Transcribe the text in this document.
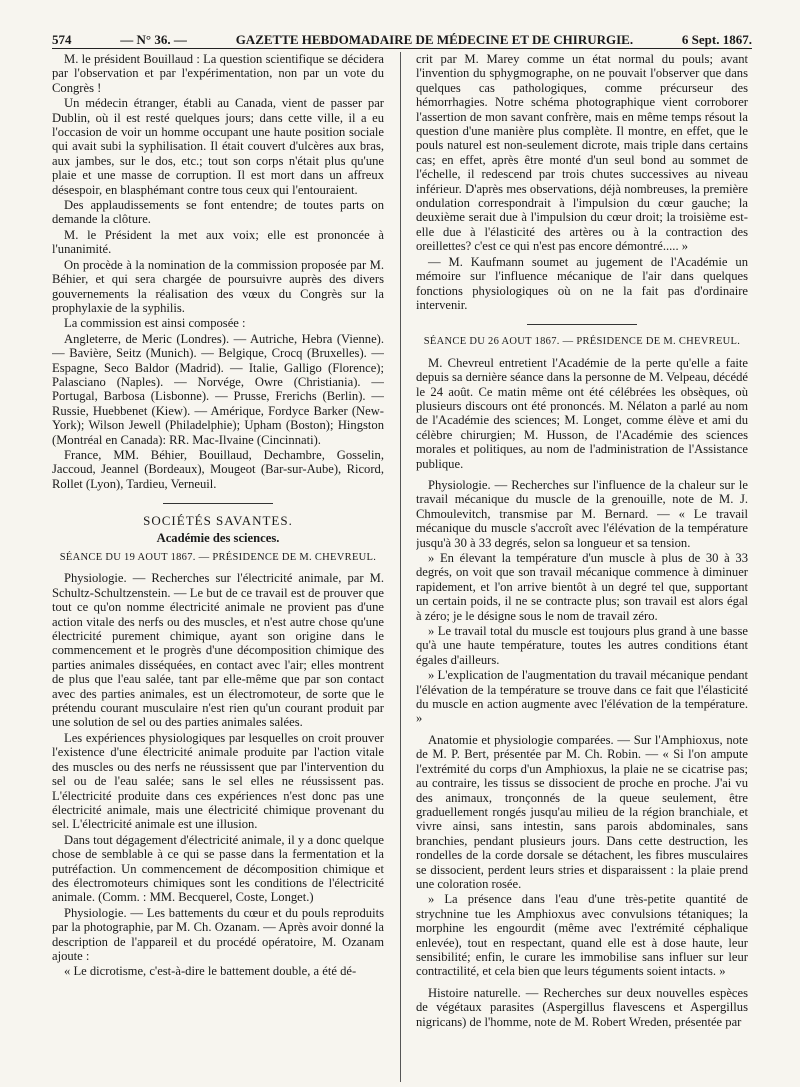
574	— N° 36. —	GAZETTE HEBDOMADAIRE DE MÉDECINE ET DE CHIRURGIE.	6 Sept. 1867.

M. le président Bouillaud : La question scientifique se décidera par l'observation et par l'expérimentation, non par un vote du Congrès !

Un médecin étranger, établi au Canada, vient de passer par Dublin, où il est resté quelques jours; dans cette ville, il a eu l'occasion de voir un homme occupant une haute position sociale qui avait subi la syphilisation. Il était couvert d'ulcères aux bras, aux jambes, sur le dos, etc.; tout son corps n'était plus qu'une plaie et une masse de corruption. Il est mort dans un affreux désespoir, en blasphémant contre tous ceux qui l'entouraient.

Des applaudissements se font entendre; de toutes parts on demande la clôture.

M. le Président la met aux voix; elle est prononcée à l'unanimité.

On procède à la nomination de la commission proposée par M. Béhier, et qui sera chargée de poursuivre auprès des divers gouvernements la réalisation des vœux du Congrès sur la prophylaxie de la syphilis.

La commission est ainsi composée :

Angleterre, de Meric (Londres). — Autriche, Hebra (Vienne). — Bavière, Seitz (Munich). — Belgique, Crocq (Bruxelles). — Espagne, Seco Baldor (Madrid). — Italie, Galligo (Florence); Palasciano (Naples). — Norvége, Owre (Christiania). — Portugal, Barbosa (Lisbonne). — Prusse, Frerichs (Berlin). — Russie, Huebbenet (Kiew). — Amérique, Fordyce Barker (New-York); Wilson Jewell (Philadelphie); Upham (Boston); Hingston (Montréal en Canada): RR. Mac-Ilvaine (Cincinnati).

France, MM. Béhier, Bouillaud, Dechambre, Gosselin, Jaccoud, Jeannel (Bordeaux), Mougeot (Bar-sur-Aube), Ricord, Rollet (Lyon), Tardieu, Verneuil.

SOCIÉTÉS SAVANTES.
Académie des sciences.
SÉANCE DU 19 AOUT 1867. — PRÉSIDENCE DE M. CHEVREUL.

Physiologie. — Recherches sur l'électricité animale, par M. Schultz-Schultzenstein. — Le but de ce travail est de prouver que tout ce qu'on nomme électricité animale ne provient pas d'une action vitale des nerfs ou des muscles, et n'est autre chose qu'une électricité purement chimique, ayant son origine dans le commencement et le progrès d'une décomposition chimique des parties animales disséquées, en contact avec l'air; elles montrent de plus que l'eau salée, tant par elle-même que par son contact avec des parties animales, est un électromoteur, de sorte que le prétendu courant musculaire n'est rien qu'un courant produit par une solution de sel ou des parties animales salées.

Les expériences physiologiques par lesquelles on croit prouver l'existence d'une électricité animale produite par l'action vitale des muscles ou des nerfs ne réussissent que par l'intervention du sel ou de l'eau salée; sans le sel elles ne réussissent pas. L'électricité produite dans ces expériences n'est donc pas une électricité animale, mais une électricité chimique provenant du sel. L'électricité animale est une illusion.

Dans tout dégagement d'électricité animale, il y a donc quelque chose de semblable à ce qui se passe dans la fermentation et la putréfaction. Un commencement de décomposition chimique et des électromoteurs chimiques sont les conditions de l'électricité animale. (Comm. : MM. Becquerel, Coste, Longet.)

Physiologie. — Les battements du cœur et du pouls reproduits par la photographie, par M. Ch. Ozanam. — Après avoir donné la description de l'appareil et du procédé opératoire, M. Ozanam ajoute :

« Le dicrotisme, c'est-à-dire le battement double, a été dé-

crit par M. Marey comme un état normal du pouls; avant l'invention du sphygmographe, on ne pouvait l'observer que dans quelques cas pathologiques, comme précurseur des hémorrhagies. Notre schéma photographique vient corroborer l'assertion de mon savant confrère, mais en même temps résout la question d'une manière plus complète. Il montre, en effet, que le pouls naturel est non-seulement dicrote, mais triple dans certains cas; en effet, après être monté d'un seul bond au sommet de l'échelle, il redescend par trois chutes successives au niveau inférieur. D'après mes observations, déjà nombreuses, la première ondulation correspondrait à l'impulsion du cœur gauche; la deuxième serait due à l'impulsion du cœur droit; la troisième est-elle due à l'élasticité des artères ou à la contraction des oreillettes? c'est ce qui n'est pas encore démontré..... »

— M. Kaufmann soumet au jugement de l'Académie un mémoire sur l'influence mécanique de l'air dans quelques fonctions physiologiques où on ne la fait pas d'ordinaire intervenir.

SÉANCE DU 26 AOUT 1867. — PRÉSIDENCE DE M. CHEVREUL.

M. Chevreul entretient l'Académie de la perte qu'elle a faite depuis sa dernière séance dans la personne de M. Velpeau, décédé le 24 août. Ce matin même ont été célébrées les obsèques, où plusieurs discours ont été prononcés. M. Nélaton a parlé au nom de l'Académie des sciences; M. Longet, comme élève et ami du célèbre chirurgien; M. Husson, de l'Académie des sciences morales et politiques, au nom de l'administration de l'Assistance publique.

Physiologie. — Recherches sur l'influence de la chaleur sur le travail mécanique du muscle de la grenouille, note de M. J. Chmoulevitch, transmise par M. Bernard. — « Le travail mécanique du muscle s'accroît avec l'élévation de la température jusqu'à 30 à 33 degrés, selon sa longueur et sa tension.

» En élevant la température d'un muscle à plus de 30 à 33 degrés, on voit que son travail mécanique commence à diminuer rapidement, et l'on arrive bientôt à un degré tel que, supportant un certain poids, il ne se contracte plus; son travail est alors égal à zéro; je le désigne sous le nom de travail zéro.

» Le travail total du muscle est toujours plus grand à une basse qu'à une haute température, toutes les autres conditions étant égales d'ailleurs.

» L'explication de l'augmentation du travail mécanique pendant l'élévation de la température se trouve dans ce fait que l'élasticité du muscle en action augmente avec l'élévation de la température. »

Anatomie et physiologie comparées. — Sur l'Amphioxus, note de M. P. Bert, présentée par M. Ch. Robin. — « Si l'on ampute l'extrémité du corps d'un Amphioxus, la plaie ne se cicatrise pas; au contraire, les tissus se dissocient de proche en proche. J'ai vu des animaux, tronçonnés de la queue seulement, être graduellement rongés jusqu'au milieu de la région branchiale, et vivre ainsi, sans intestin, sans parois abdominales, sans branchies, pendant plusieurs jours. Dans cette destruction, les rondelles de la corde dorsale se détachent, les fibres musculaires se dissocient, perdent leurs stries et disparaissent : la plaie prend une coloration rosée.

» La présence dans l'eau d'une très-petite quantité de strychnine tue les Amphioxus avec convulsions tétaniques; la morphine les engourdit (même avec l'extrémité céphalique enlevée), tout en respectant, quand elle est à dose haute, leur sensibilité; enfin, le curare les immobilise sans influer sur leur contractilité, et cela bien que leurs téguments soient intacts. »

Histoire naturelle. — Recherches sur deux nouvelles espèces de végétaux parasites (Aspergillus flavescens et Aspergillus nigricans) de l'homme, note de M. Robert Wreden, présentée par
